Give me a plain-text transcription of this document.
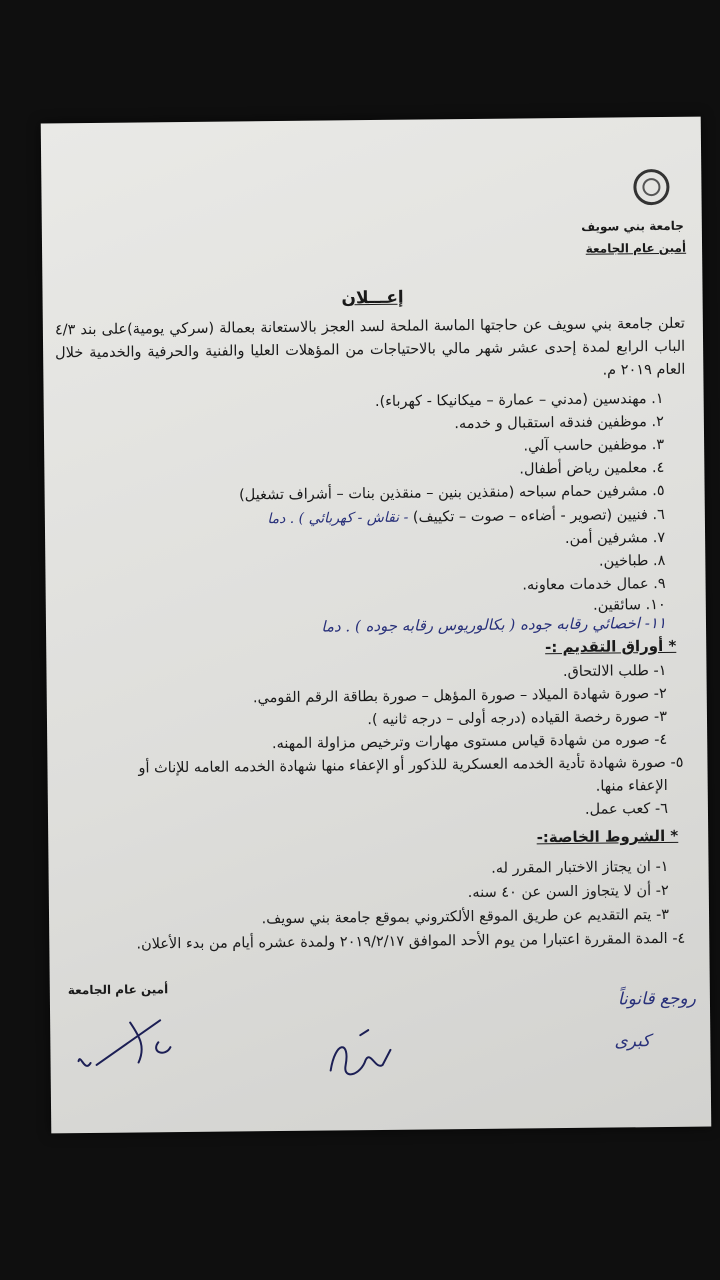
جامعة بني سويف
أمين عام الجامعة
إعـــلان
تعلن جامعة بني سويف عن حاجتها الماسة الملحة لسد العجز بالاستعانة بعمالة (سركي يومية)على بند ٤/٣ الباب الرابع لمدة إحدى عشر شهر مالي بالاحتياجات من المؤهلات العليا والفنية والحرفية والخدمية خلال العام ٢٠١٩ م.
١. مهندسين (مدني – عمارة – ميكانيكا - كهرباء).
٢. موظفين فندقه استقبال و خدمه.
٣. موظفين حاسب آلي.
٤. معلمين رياض أطفال.
٥. مشرفين حمام سباحه (منقذين بنين – منقذين بنات – أشراف تشغيل)
٦. فنيين (تصوير - أضاءه – صوت – تكييف) - نقاش - كهربائي ) . دما
٧. مشرفين أمن.
٨. طباخين.
٩. عمال خدمات معاونه.
١٠. سائقين.
١١- اخصائي رقابه جوده ( بكالوريوس رقابه جوده ) . دما
* أوراق التقديم :-
١- طلب الالتحاق.
٢- صورة شهادة الميلاد – صورة المؤهل – صورة بطاقة الرقم القومي.
٣- صورة رخصة القياده (درجه أولى – درجه ثانيه ).
٤- صوره من شهادة قياس مستوى مهارات وترخيص مزاولة المهنه.
٥- صورة شهادة تأدية الخدمه العسكرية للذكور أو الإعفاء منها شهادة الخدمه العامه للإناث أو
الإعفاء منها.
٦- كعب عمل.
* الشروط الخاصة:-
١- ان يجتاز الاختبار المقرر له.
٢- أن لا يتجاوز السن عن ٤٠ سنه.
٣- يتم التقديم عن طريق الموقع الألكتروني بموقع جامعة بني سويف.
٤- المدة المقررة اعتبارا من يوم الأحد الموافق ٢٠١٩/٢/١٧ ولمدة عشره أيام من بدء الأعلان.
أمين عام الجامعة	روجع قانوناً
كبرى
